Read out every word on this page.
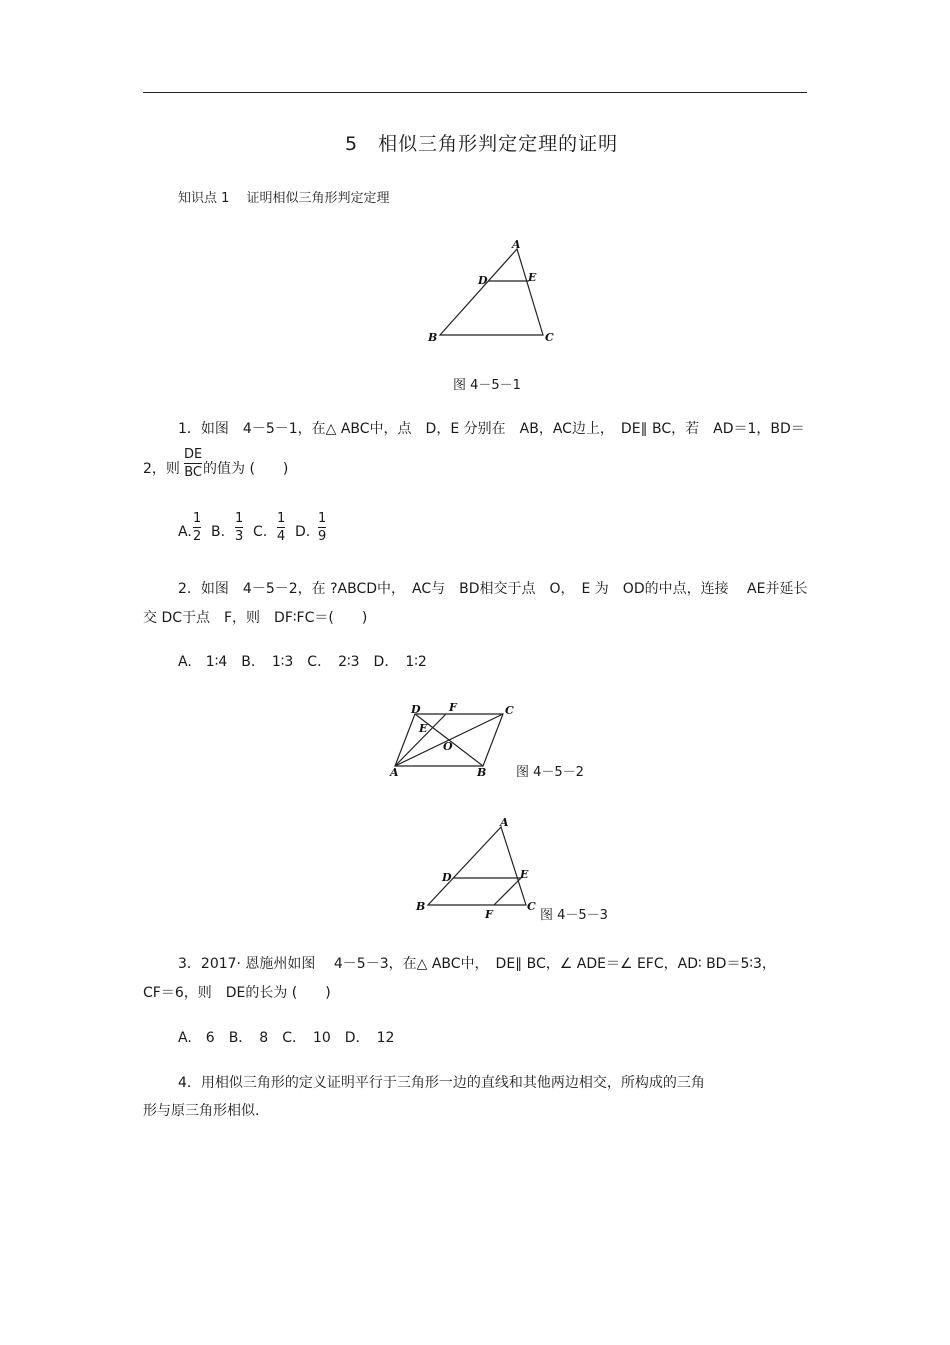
5　相似三角形判定定理的证明
知识点 1　 证明相似三角形判定定理
A
D	E
B	C
图 4－5－1
1．如图　4－5－1，在△ ABC中，点　D，E 分别在　AB，AC边上，　DE∥ BC，若　AD＝1，BD＝
2，则
DE
BC 的值为 (　　)
A.
1
2 B.
1
3 C.
1
4 D.
1
9
2．如图　4－5－2，在 ?ABCD中，　AC与　BD相交于点　O，　E 为　OD的中点，连接　 AE并延长
交 DC于点　F，则　DF∶FC＝(　　)
A.　1∶4　B．　1∶3　C．　2∶3　D．　1∶2
D	F	C
E
O
A	B 图 4－5－2
A
D	E
B
F
C
图 4－5－3
3．2017· 恩施州如图　 4－5－3，在△ ABC中，　DE∥ BC，∠ ADE＝∠ EFC，AD∶ BD＝5∶3，
CF＝6，则　DE的长为 (　　)
A.　6　B．　8　C．　10　D．　12
4．用相似三角形的定义证明平行于三角形一边的直线和其他两边相交，所构成的三角
形与原三角形相似.
